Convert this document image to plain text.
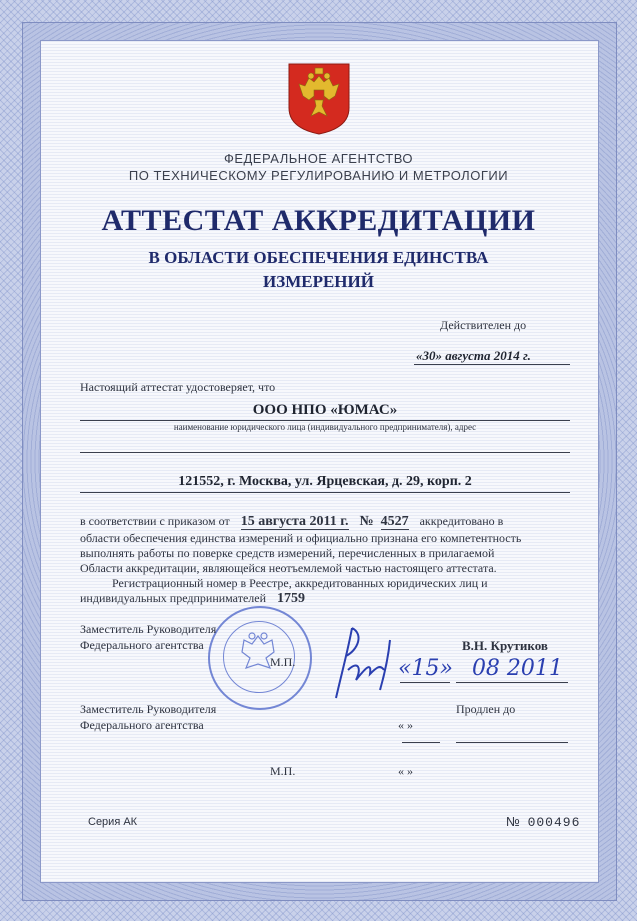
ФЕДЕРАЛЬНОЕ АГЕНТСТВО
ПО ТЕХНИЧЕСКОМУ РЕГУЛИРОВАНИЮ И МЕТРОЛОГИИ
АТТЕСТАТ АККРЕДИТАЦИИ
В ОБЛАСТИ ОБЕСПЕЧЕНИЯ ЕДИНСТВА
ИЗМЕРЕНИЙ
Действителен до
«30» августа 2014 г.
Настоящий аттестат удостоверяет, что
ООО НПО «ЮМАС»
наименование юридического лица (индивидуального предпринимателя), адрес
121552, г. Москва, ул. Ярцевская, д. 29, корп. 2
в соответствии с приказом от 15 августа 2011 г. № 4527 аккредитовано в
области обеспечения единства измерений и официально признана его компетентность
выполнять работы по поверке средств измерений, перечисленных в прилагаемой
Области аккредитации, являющейся неотъемлемой частью настоящего аттестата.
Регистрационный номер в Реестре, аккредитованных юридических лиц и
индивидуальных предпринимателей 1759
Заместитель Руководителя
Федерального агентства	В.Н. Крутиков
М.П.	«15» 08 2011
Заместитель Руководителя
Федерального агентства
Продлен до
« »
М.П.	« »
Серия АК	№ 000496
